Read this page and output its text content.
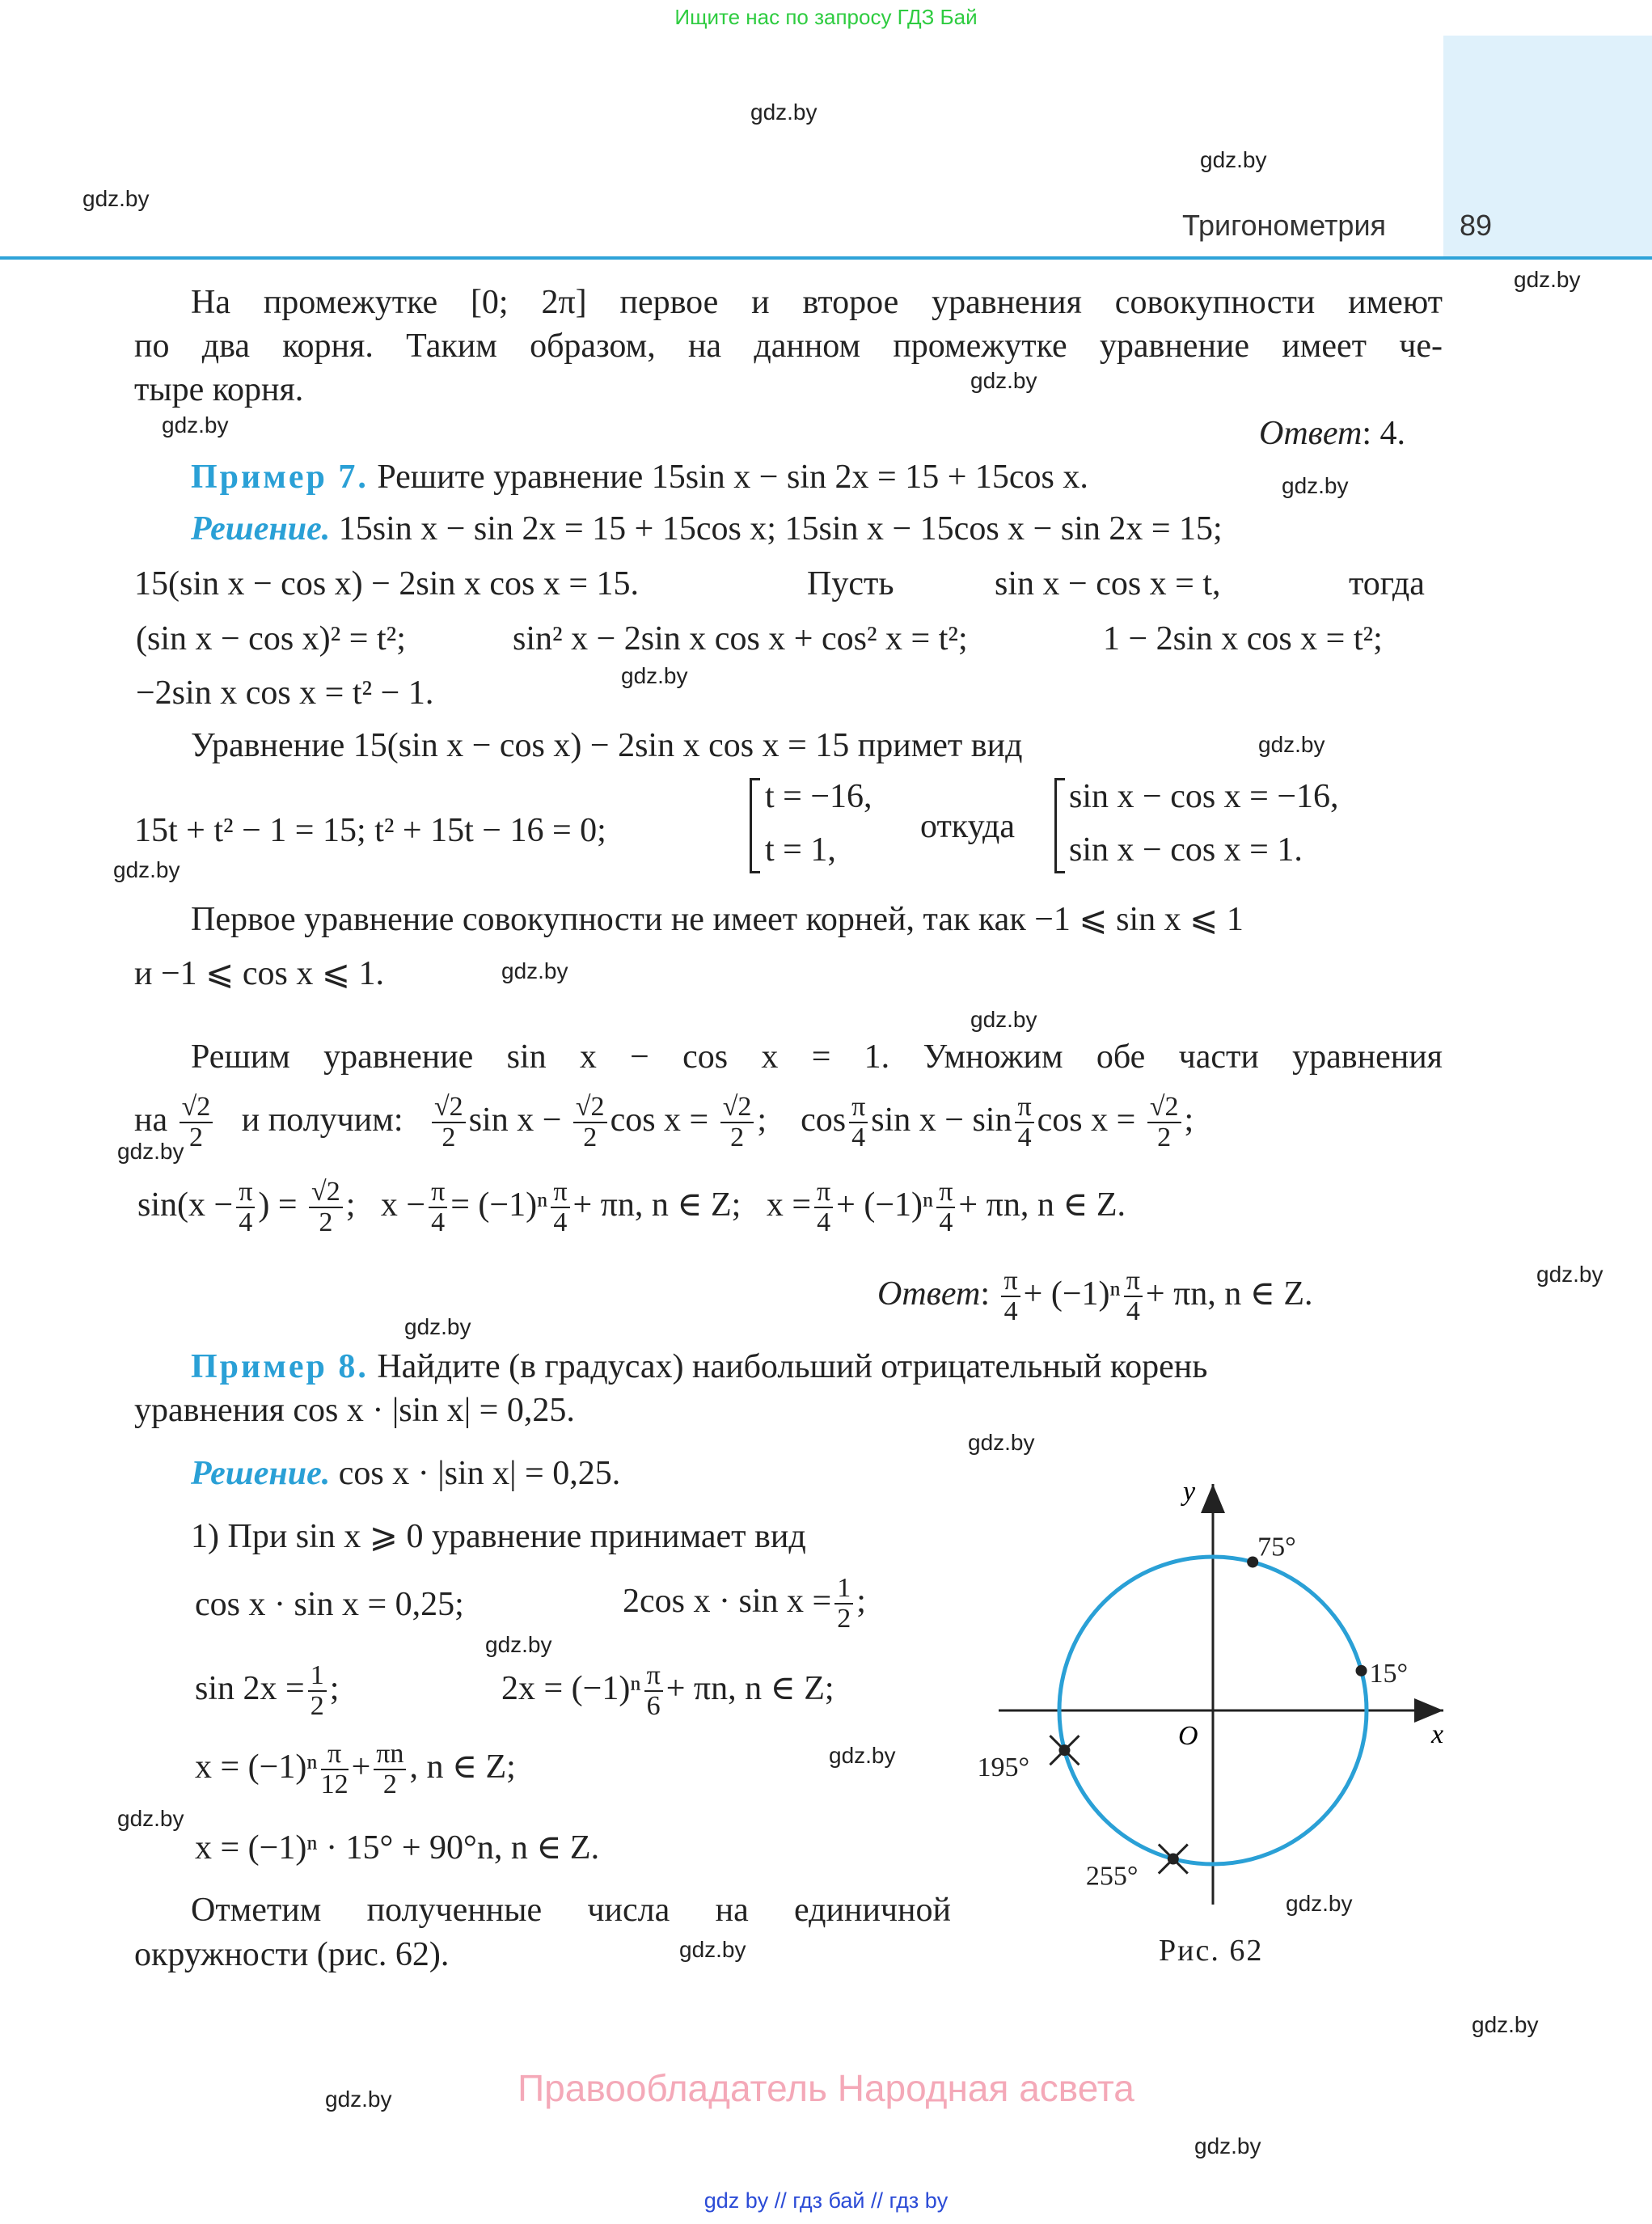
Ищите нас по запросу ГДЗ Бай
Тригонометрия	89
gdz.by
gdz.by
gdz.by
gdz.by
gdz.by
gdz.by
gdz.by
gdz.by
gdz.by
gdz.by
gdz.by
gdz.by
gdz.by
gdz.by
gdz.by
gdz.by
gdz.by
gdz.by
gdz.by
gdz.by
gdz.by
gdz.by
gdz.by
gdz.by
На промежутке [0; 2π] первое и второе уравнения совокупности имеют
по два корня. Таким образом, на данном промежутке уравнение имеет че-
тыре корня.
Ответ: 4.
Пример 7. Решите уравнение 15sin x − sin 2x = 15 + 15cos x.
Решение. 15sin x − sin 2x = 15 + 15cos x; 15sin x − 15cos x − sin 2x = 15;
15(sin x − cos x) − 2sin x cos x = 15.	Пусть	sin x − cos x = t,	тогда
(sin x − cos x)² = t²;	sin² x − 2sin x cos x + cos² x = t²;	1 − 2sin x cos x = t²;
−2sin x cos x = t² − 1.
Уравнение 15(sin x − cos x) − 2sin x cos x = 15 примет вид
15t + t² − 1 = 15; t² + 15t − 16 = 0;
t = −16,
t = 1,
откуда
sin x − cos x = −16,
sin x − cos x = 1.
Первое уравнение совокупности не имеет корней, так как −1 ⩽ sin x ⩽ 1
и −1 ⩽ cos x ⩽ 1.
Решим уравнение sin x − cos x = 1. Умножим обе части уравнения
на $\frac{√2}{2}$ и получим: $\frac{√2}{2}$ $\sin x - \frac{√2}{2}$ $\cos x = \frac{√2}{2}$ ;    $\cos \frac{\pi}{4}$ $\sin x - \sin \frac{\pi}{4}$ $\cos x = \frac{√2}{2}$ ;
$\sin(x - \frac{\pi}{4}$ ) = $\frac{√2}{2}$ ;   $x - \frac{\pi}{4} = (-1)^n \frac{\pi}{4} + \pi n$, n ∈ Z; $x = \frac{\pi}{4} + (-1)^n \frac{\pi}{4} + \pi n$, n ∈ Z.
Ответ: $\frac{\pi}{4} + (-1)^n \frac{\pi}{4} + \pi n$, n ∈ Z.
Пример 8. Найдите (в градусах) наибольший отрицательный корень
уравнения cos x · |sin x| = 0,25.
Решение. cos x · |sin x| = 0,25.
1) При sin x ⩾ 0 уравнение принимает вид
cos x · sin x = 0,25;	2cos $x \cdot \sin x = \frac{1}{2}$ ;
$\sin 2x = \frac{1}{2}$ ;	$2x = (-1)^n \frac{\pi}{6} + \pi n$, n ∈ Z;
$x = (-1)^n \frac{\pi}{12} + \frac{\pi n}{2}$ , n ∈ Z;
x = (−1)ⁿ · 15° + 90°n, n ∈ Z.
Отметим полученные числа на единичной
окружности (рис. 62).
x
y
O
75°
15°
195°
255°
Рис. 62
Правообладатель Народная асвета
gdz by // гдз бай // гдз by
